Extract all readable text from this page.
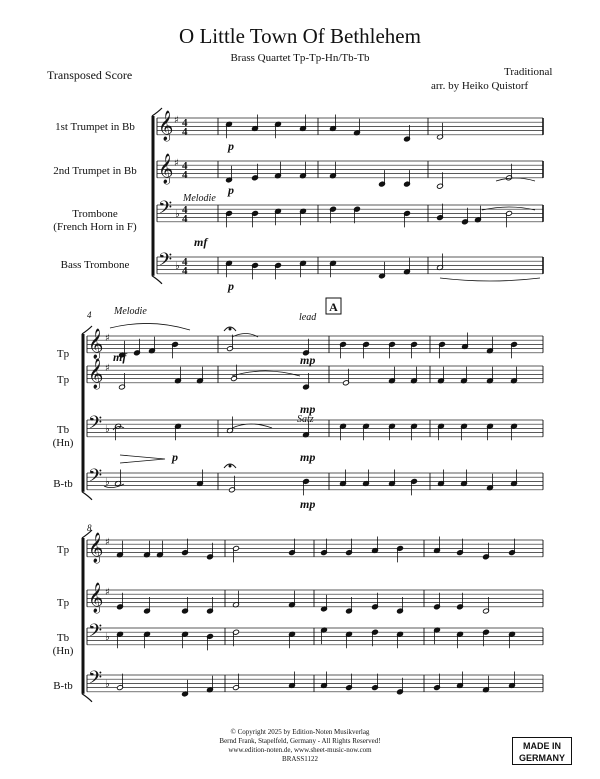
O Little Town Of Bethlehem
Brass Quartet Tp-Tp-Hn/Tb-Tb
Transposed Score	Traditional
arr. by Heiko Quistorf
1st Trumpet in Bb
2nd Trumpet in Bb
Trombone
(French Horn in F)
Bass Trombone
Tp
Tp
Tb
(Hn)
B-tb
Tp
Tp
Tb
(Hn)
B-tb
𝄞 ♯ 4
4
𝄞 ♯ 4
4
𝄢 ♭ 4
4
𝄢 ♭ 4
4
𝄞 ♯
𝄞 ♯
𝄢 ♭
𝄢 ♭
𝄞 ♯
𝄞 ♯
𝄢 ♭
𝄢 ♭
p
p
Melodie
mf
p
4 Melodie
lead
Satz
mf	mp
mp
p	mp
mp
8
A
© Copyright 2025 by Edition-Noten Musikverlag
Bernd Frank, Stapelfeld, Germany - All Rights Reserved!
www.edition-noten.de, www.sheet-music-now.com
BRASS1122
MADE IN
GERMANY
